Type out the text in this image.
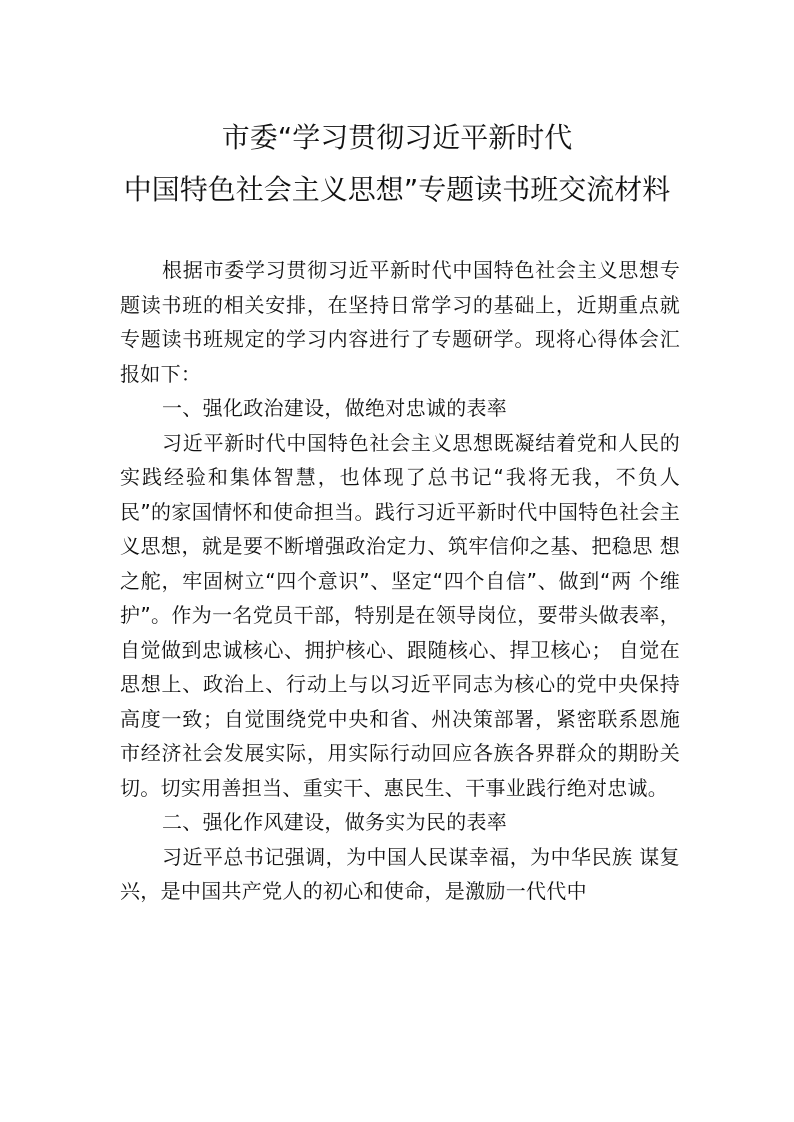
市委“学习贯彻习近平新时代
中国特色社会主义思想”专题读书班交流材料

根据市委学习贯彻习近平新时代中国特色社会主义思想专题读书班的相关安排，在坚持日常学习的基础上，近期重点就专题读书班规定的学习内容进行了专题研学。现将心得体会汇报如下：

一、强化政治建设，做绝对忠诚的表率

习近平新时代中国特色社会主义思想既凝结着党和人民的实践经验和集体智慧，也体现了总书记“我将无我，不负人 民”的家国情怀和使命担当。践行习近平新时代中国特色社会主义思想，就是要不断增强政治定力、筑牢信仰之基、把稳思 想之舵，牢固树立“四个意识”、坚定“四个自信”、做到“两 个维护”。作为一名党员干部，特别是在领导岗位，要带头做表率，自觉做到忠诚核心、拥护核心、跟随核心、捍卫核心； 自觉在思想上、政治上、行动上与以习近平同志为核心的党中央保持高度一致；自觉围绕党中央和省、州决策部署，紧密联系恩施市经济社会发展实际，用实际行动回应各族各界群众的期盼关切。切实用善担当、重实干、惠民生、干事业践行绝对忠诚。

二、强化作风建设，做务实为民的表率

习近平总书记强调，为中国人民谋幸福，为中华民族 谋复兴，是中国共产党人的初心和使命，是激励一代代中
